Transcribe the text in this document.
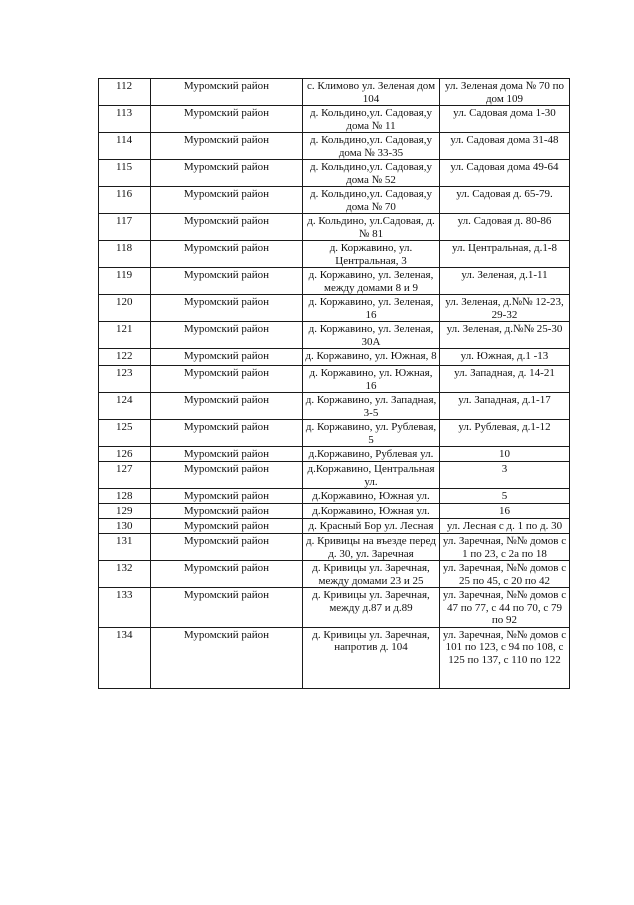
112	Муромский район	с. Климово ул. Зеленая дом 104	ул. Зеленая дома № 70 по дом 109
113	Муромский район	д. Кольдино,ул. Садовая,у дома № 11	ул. Садовая дома 1-30
114	Муромский район	д. Кольдино,ул. Садовая,у дома № 33-35	ул. Садовая дома 31-48
115	Муромский район	д. Кольдино,ул. Садовая,у дома № 52	ул. Садовая дома 49-64
116	Муромский район	д. Кольдино,ул. Садовая,у дома № 70	ул. Садовая д. 65-79.
117	Муромский район	д. Кольдино, ул.Садовая, д.№ 81	ул. Садовая д. 80-86
118	Муромский район	д. Коржавино, ул. Центральная, 3	ул. Центральная, д.1-8
119	Муромский район	д. Коржавино, ул. Зеленая, между домами 8 и 9	ул. Зеленая, д.1-11
120	Муромский район	д. Коржавино, ул. Зеленая, 16	ул. Зеленая, д.№№ 12-23, 29-32
121	Муромский район	д. Коржавино, ул. Зеленая, 30А	ул. Зеленая, д.№№ 25-30
122	Муромский район	д. Коржавино, ул. Южная, 8	ул. Южная, д.1 -13
123	Муромский район	д. Коржавино, ул. Южная, 16	ул. Западная, д. 14-21
124	Муромский район	д. Коржавино, ул. Западная, 3-5	ул. Западная, д.1-17
125	Муромский район	д. Коржавино, ул. Рублевая, 5	ул. Рублевая, д.1-12
126	Муромский район	д.Коржавино, Рублевая ул.	10
127	Муромский район	д.Коржавино, Центральная ул.	3
128	Муромский район	д.Коржавино, Южная ул.	5
129	Муромский район	д.Коржавино, Южная ул.	16
130	Муромский район	д. Красный Бор ул. Лесная	ул. Лесная с д. 1 по д. 30
131	Муромский район	д. Кривицы на въезде перед д. 30, ул. Заречная	ул. Заречная, №№ домов с 1 по 23, с 2а по 18
132	Муромский район	д. Кривицы ул. Заречная, между домами 23 и 25	ул. Заречная, №№ домов с 25 по 45, с 20 по 42
133	Муромский район	д. Кривицы ул. Заречная, между д.87 и д.89	ул. Заречная, №№ домов с 47 по 77, с 44 по 70, с 79 по 92
134	Муромский район	д. Кривицы ул. Заречная, напротив д. 104	ул. Заречная, №№ домов с 101 по 123, с 94 по 108, с 125 по 137, с 110 по 122
